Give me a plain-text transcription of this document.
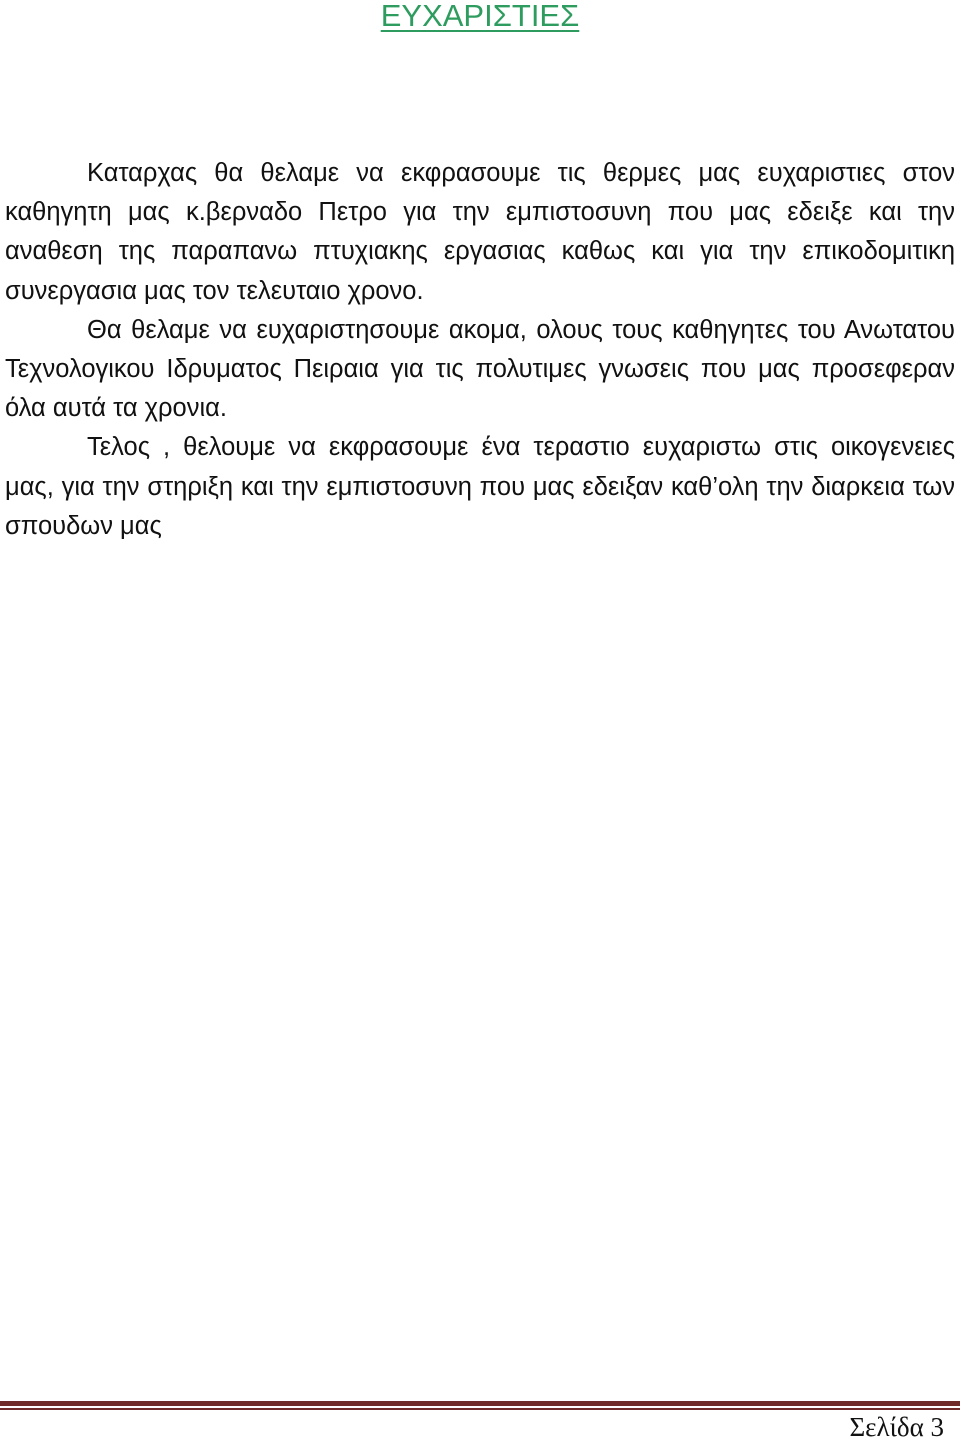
ΕΥΧΑΡΙΣΤΙΕΣ

Καταρχας θα θελαμε να εκφρασουμε τις θερμες μας ευχαριστιες στον καθηγητη μας κ.βερναδο Πετρο για την εμπιστοσυνη που μας εδειξε και την αναθεση της παραπανω πτυχιακης εργασιας καθως και για την επικοδομιτικη συνεργασια μας τον τελευταιο χρονο.

Θα θελαμε να ευχαριστησουμε ακομα, ολους τους καθηγητες του Ανωτατου Τεχνολογικου Ιδρυματος Πειραια για τις πολυτιμες γνωσεις που μας προσεφεραν όλα αυτά τα χρονια.

Τελος , θελουμε να εκφρασουμε ένα τεραστιο ευχαριστω στις οικογενειες μας, για την στηριξη και την εμπιστοσυνη που μας εδειξαν καθ’ολη την διαρκεια των σπουδων μας

Σελίδα 3
